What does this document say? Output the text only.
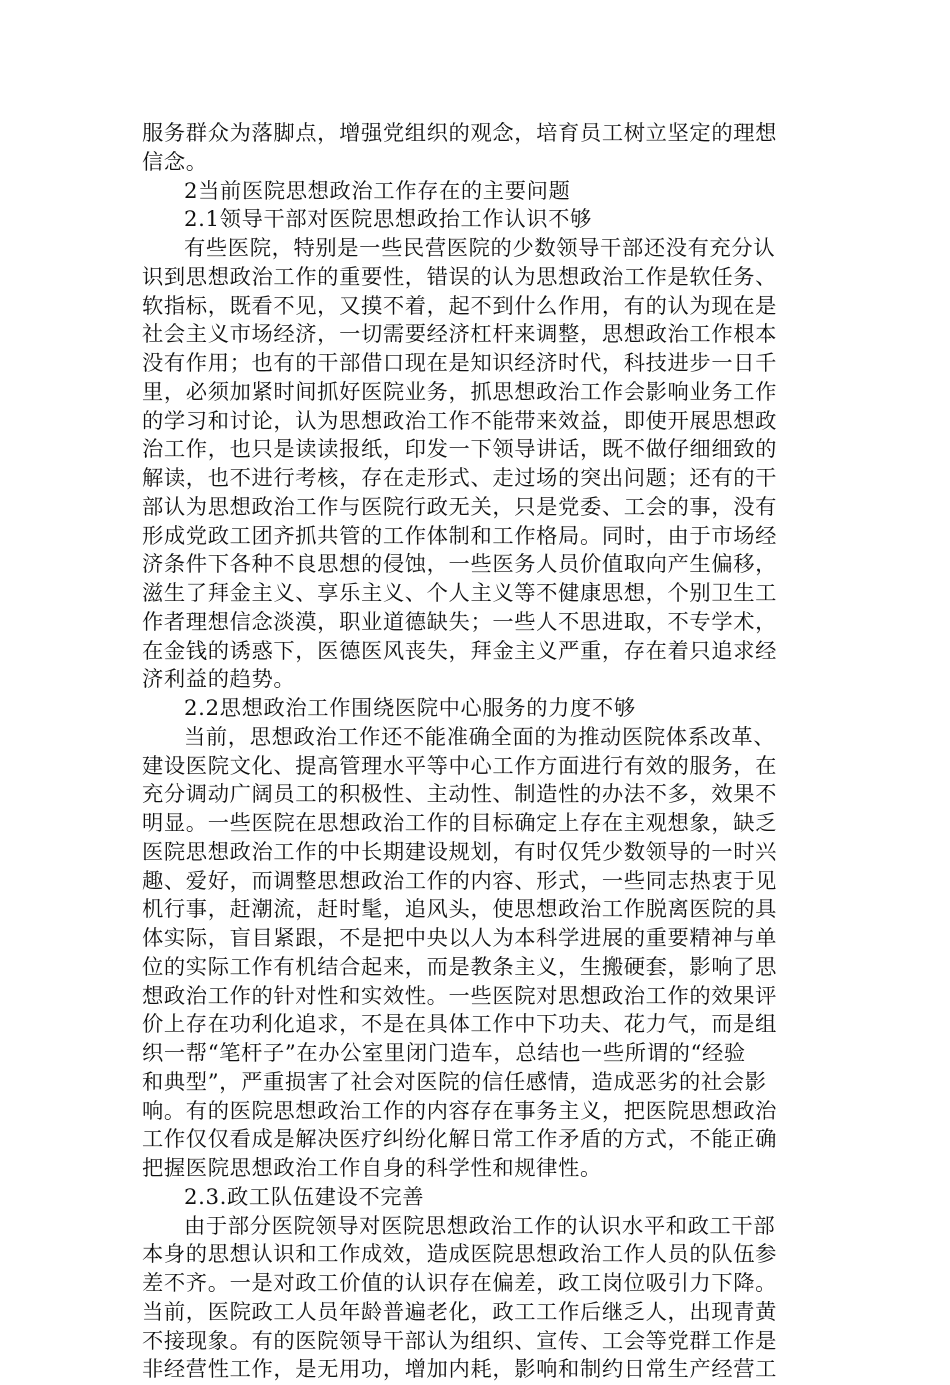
服务群众为落脚点，增强党组织的观念，培育员工树立坚定的理想
信念。
2当前医院思想政治工作存在的主要问题
2.1领导干部对医院思想政抬工作认识不够
有些医院，特别是一些民营医院的少数领导干部还没有充分认
识到思想政治工作的重要性，错误的认为思想政治工作是软任务、
软指标，既看不见，又摸不着，起不到什么作用，有的认为现在是
社会主义市场经济，一切需要经济杠杆来调整，思想政治工作根本
没有作用；也有的干部借口现在是知识经济时代，科技进步一日千
里，必须加紧时间抓好医院业务，抓思想政治工作会影响业务工作
的学习和讨论，认为思想政治工作不能带来效益，即使开展思想政
治工作，也只是读读报纸，印发一下领导讲话，既不做仔细细致的
解读，也不进行考核，存在走形式、走过场的突出问题；还有的干
部认为思想政治工作与医院行政无关，只是党委、工会的事，没有
形成党政工团齐抓共管的工作体制和工作格局。同时，由于市场经
济条件下各种不良思想的侵蚀，一些医务人员价值取向产生偏移，
滋生了拜金主义、享乐主义、个人主义等不健康思想，个别卫生工
作者理想信念淡漠，职业道德缺失；一些人不思进取，不专学术，
在金钱的诱惑下，医德医风丧失，拜金主义严重，存在着只追求经
济利益的趋势。
2.2思想政治工作围绕医院中心服务的力度不够
当前，思想政治工作还不能准确全面的为推动医院体系改革、
建设医院文化、提高管理水平等中心工作方面进行有效的服务，在
充分调动广阔员工的积极性、主动性、制造性的办法不多，效果不
明显。一些医院在思想政治工作的目标确定上存在主观想象，缺乏
医院思想政治工作的中长期建设规划，有时仅凭少数领导的一时兴
趣、爱好，而调整思想政治工作的内容、形式，一些同志热衷于见
机行事，赶潮流，赶时髦，追风头，使思想政治工作脱离医院的具
体实际，盲目紧跟，不是把中央以人为本科学进展的重要精神与单
位的实际工作有机结合起来，而是教条主义，生搬硬套，影响了思
想政治工作的针对性和实效性。一些医院对思想政治工作的效果评
价上存在功利化追求，不是在具体工作中下功夫、花力气，而是组
织一帮“笔杆子”在办公室里闭门造车，总结也一些所谓的“经验
和典型”，严重损害了社会对医院的信任感情，造成恶劣的社会影
响。有的医院思想政治工作的内容存在事务主义，把医院思想政治
工作仅仅看成是解决医疗纠纷化解日常工作矛盾的方式，不能正确
把握医院思想政治工作自身的科学性和规律性。
2.3.政工队伍建设不完善
由于部分医院领导对医院思想政治工作的认识水平和政工干部
本身的思想认识和工作成效，造成医院思想政治工作人员的队伍参
差不齐。一是对政工价值的认识存在偏差，政工岗位吸引力下降。
当前，医院政工人员年龄普遍老化，政工工作后继乏人，出现青黄
不接现象。有的医院领导干部认为组织、宣传、工会等党群工作是
非经营性工作，是无用功，增加内耗，影响和制约日常生产经营工
